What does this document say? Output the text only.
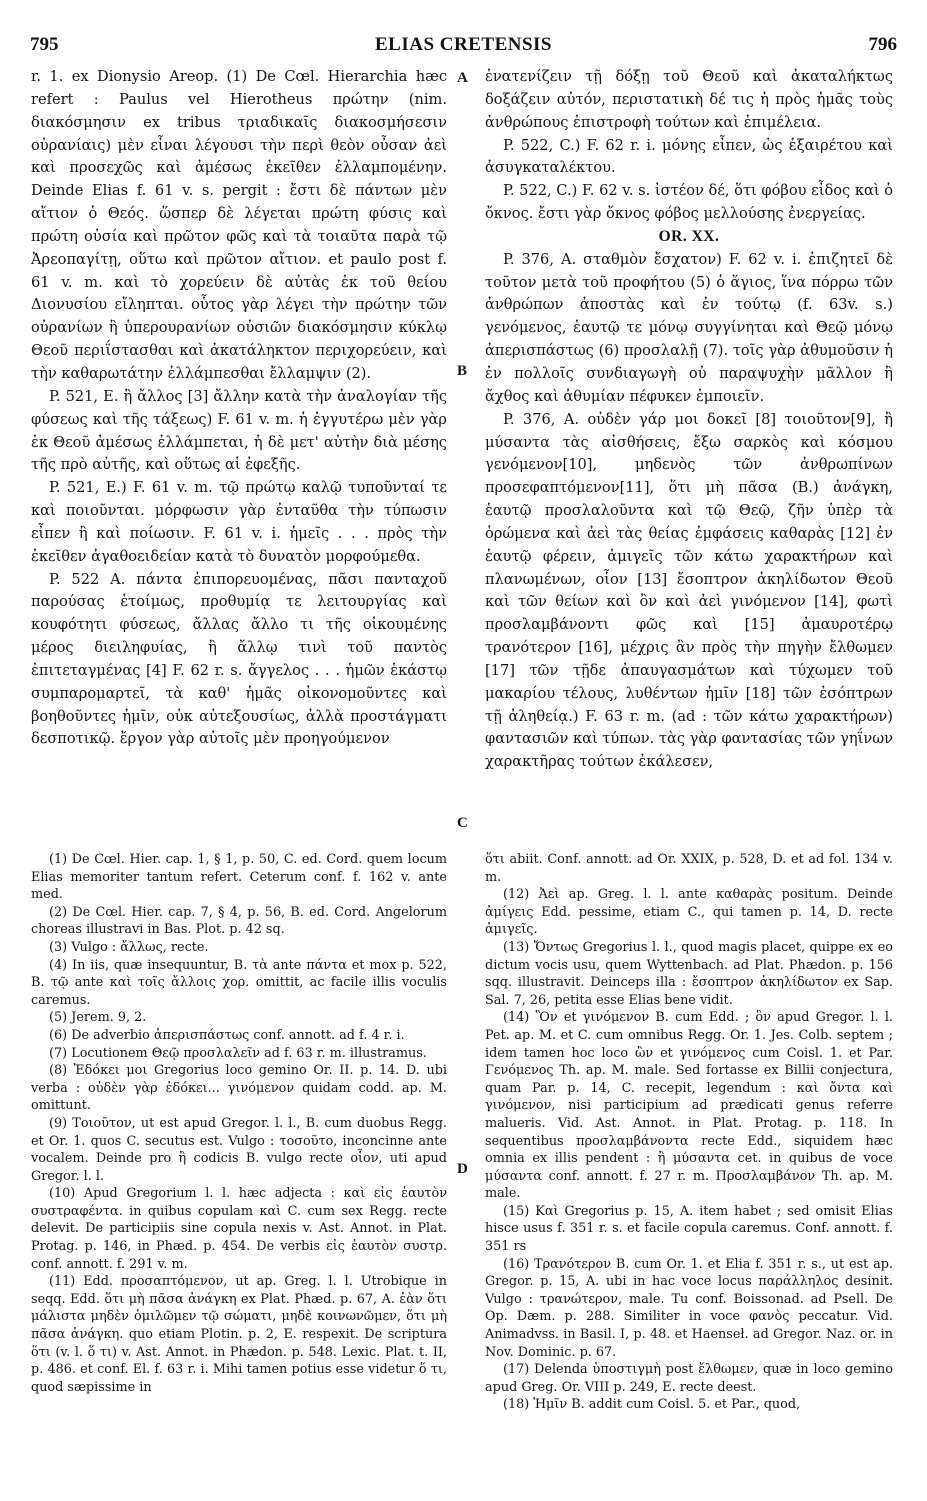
795	ELIAS CRETENSIS	796
A
B
C
D

r. 1. ex Dionysio Areop. (1) De Cœl. Hierarchia hæc refert : Paulus vel Hierotheus πρώτην (nim. διακόσμησιν ex tribus τριαδικαῖς διακοσμήσεσιν οὐρανίαις) μὲν εἶναι λέγουσι τὴν περὶ θεὸν οὖσαν ἀεὶ καὶ προσεχῶς καὶ ἀμέσως ἐκεῖθεν ἐλλαμπομένην. Deinde Elias f. 61 v. s. pergit : ἔστι δὲ πάντων μὲν αἴτιον ὁ Θεός. ὥσπερ δὲ λέγεται πρώτη φύσις καὶ πρώτη οὐσία καὶ πρῶτον φῶς καὶ τὰ τοιαῦτα παρὰ τῷ Ἀρεοπαγίτῃ, οὕτω καὶ πρῶτον αἴτιον. et paulo post f. 61 v. m. καὶ τὸ χορεύειν δὲ αὐτὰς ἐκ τοῦ θείου Διονυσίου εἴληπται. οὗτος γὰρ λέγει τὴν πρώτην τῶν οὐρανίων ἢ ὑπερουρανίων οὐσιῶν διακόσμησιν κύκλῳ Θεοῦ περιΐστασθαι καὶ ἀκατάληκτον περιχορεύειν, καὶ τὴν καθαρωτάτην ἐλλάμπεσθαι ἔλλαμψιν (2).

P. 521, E. ἢ ἄλλος [3] ἄλλην κατὰ τὴν ἀναλογίαν τῆς φύσεως καὶ τῆς τάξεως) F. 61 v. m. ἡ ἐγγυτέρω μὲν γὰρ ἐκ Θεοῦ ἀμέσως ἐλλάμπεται, ἡ δὲ μετ' αὐτὴν διὰ μέσης τῆς πρὸ αὐτῆς, καὶ οὕτως αἱ ἐφεξῆς.

P. 521, E.) F. 61 v. m. τῷ πρώτῳ καλῷ τυποῦνταί τε καὶ ποιοῦνται. μόρφωσιν γὰρ ἐνταῦθα τὴν τύπωσιν εἶπεν ἢ καὶ ποίωσιν. F. 61 v. i. ἡμεῖς . . . πρὸς τὴν ἐκεῖθεν ἀγαθοειδείαν κατὰ τὸ δυνατὸν μορφούμεθα.

P. 522 A. πάντα ἐπιπορευομένας, πᾶσι πανταχοῦ παρούσας ἑτοίμως, προθυμίᾳ τε λειτουργίας καὶ κουφότητι φύσεως, ἄλλας ἄλλο τι τῆς οἰκουμένης μέρος διειληφυίας, ἢ ἄλλῳ τινὶ τοῦ παντὸς ἐπιτεταγμένας [4] F. 62 r. s. ἄγγελος . . . ἡμῶν ἑκάστῳ συμπαρομαρτεῖ, τὰ καθ' ἡμᾶς οἰκονομοῦντες καὶ βοηθοῦντες ἡμῖν, οὐκ αὐτεξουσίως, ἀλλὰ προστάγματι δεσποτικῷ. ἔργον γὰρ αὐτοῖς μὲν προηγούμενον

ἐνατενίζειν τῇ δόξῃ τοῦ Θεοῦ καὶ ἀκαταλήκτως δοξάζειν αὐτόν, περιστατικὴ δέ τις ἡ πρὸς ἡμᾶς τοὺς ἀνθρώπους ἐπιστροφὴ τούτων καὶ ἐπιμέλεια.

P. 522, C.) F. 62 r. i. μόνης εἶπεν, ὡς ἐξαιρέτου καὶ ἀσυγκαταλέκτου.

P. 522, C.) F. 62 v. s. ἰστέον δέ, ὅτι φόβου εἶδος καὶ ὁ ὄκνος. ἔστι γὰρ ὄκνος φόβος μελλούσης ἐνεργείας.

OR. XX.

P. 376, A. σταθμὸν ἔσχατον) F. 62 v. i. ἐπιζητεῖ δὲ τοῦτον μετὰ τοῦ προφήτου (5) ὁ ἅγιος, ἵνα πόρρω τῶν ἀνθρώπων ἀποστὰς καὶ ἐν τούτῳ (f. 63v. s.) γενόμενος, ἑαυτῷ τε μόνῳ συγγίνηται καὶ Θεῷ μόνῳ ἀπερισπάστως (6) προσλαλῇ (7). τοῖς γὰρ ἀθυμοῦσιν ἡ ἐν πολλοῖς συνδιαγωγὴ οὐ παραψυχὴν μᾶλλον ἢ ἄχθος καὶ ἀθυμίαν πέφυκεν ἐμποιεῖν.

P. 376, A. οὐδὲν γάρ μοι δοκεῖ [8] τοιοῦτον[9], ἢ μύσαντα τὰς αἰσθήσεις, ἔξω σαρκὸς καὶ κόσμου γενόμενον[10], μηδενὸς τῶν ἀνθρωπίνων προσεφαπτόμενον[11], ὅτι μὴ πᾶσα (B.) ἀνάγκη, ἑαυτῷ προσλαλοῦντα καὶ τῷ Θεῷ, ζῆν ὑπὲρ τὰ ὁρώμενα καὶ ἀεὶ τὰς θείας ἐμφάσεις καθαρὰς [12] ἐν ἑαυτῷ φέρειν, ἀμιγεῖς τῶν κάτω χαρακτήρων καὶ πλανωμένων, οἷον [13] ἔσοπτρον ἀκηλίδωτον Θεοῦ καὶ τῶν θείων καὶ ὂν καὶ ἀεὶ γινόμενον [14], φωτὶ προσλαμβάνοντι φῶς καὶ [15] ἀμαυροτέρῳ τρανότερον [16], μέχρις ἂν πρὸς τὴν πηγὴν ἔλθωμεν [17] τῶν τῇδε ἀπαυγασμάτων καὶ τύχωμεν τοῦ μακαρίου τέλους, λυθέντων ἡμῖν [18] τῶν ἐσόπτρων τῇ ἀληθείᾳ.) F. 63 r. m. (ad : τῶν κάτω χαρακτήρων) φαντασιῶν καὶ τύπων. τὰς γὰρ φαντασίας τῶν γηΐνων χαρακτῆρας τούτων ἐκάλεσεν,

(1) De Cœl. Hier. cap. 1, § 1, p. 50, C. ed. Cord. quem locum Elias memoriter tantum refert. Ceterum conf. f. 162 v. ante med.

(2) De Cœl. Hier. cap. 7, § 4, p. 56, B. ed. Cord. Angelorum choreas illustravi in Bas. Plot. p. 42 sq.

(3) Vulgo : ἄλλως, recte.

(4) In iis, quæ insequuntur, B. τὰ ante πάντα et mox p. 522, B. τῷ ante καὶ τοῖς ἄλλοις χορ. omittit, ac facile illis voculis caremus.

(5) Jerem. 9, 2.

(6) De adverbio ἀπερισπάστως conf. annott. ad f. 4 r. i.

(7) Locutionem Θεῷ προσλαλεῖν ad f. 63 r. m. illustramus.

(8) Ἐδόκει μοι Gregorius loco gemino Or. II. p. 14. D. ubi verba : οὐδὲν γὰρ ἐδόκει... γινόμενον quidam codd. ap. M. omittunt.

(9) Τοιοῦτον, ut est apud Gregor. l. l., B. cum duobus Regg. et Or. 1. quos C. secutus est. Vulgo : τοσοῦτο, inconcinne ante vocalem. Deinde pro ἢ codicis B. vulgo recte οἷον, uti apud Gregor. l. l.

(10) Apud Gregorium l. l. hæc adjecta : καὶ εἰς ἑαυτὸν συστραφέντα. in quibus copulam καὶ C. cum sex Regg. recte delevit. De participiis sine copula nexis v. Ast. Annot. in Plat. Protag. p. 146, in Phæd. p. 454. De verbis εἰς ἑαυτὸν συστρ. conf. annott. f. 291 v. m.

(11) Edd. προσαπτόμενον, ut ap. Greg. l. l. Utrobique in seqq. Edd. ὅτι μὴ πᾶσα ἀνάγκη ex Plat. Phæd. p. 67, A. ἐὰν ὅτι μάλιστα μηδὲν ὁμιλῶμεν τῷ σώματι, μηδὲ κοινωνῶμεν, ὅτι μὴ πᾶσα ἀνάγκη. quo etiam Plotin. p. 2, E. respexit. De scriptura ὅτι (v. l. ὅ τι) v. Ast. Annot. in Phædon. p. 548. Lexic. Plat. t. II, p. 486. et conf. El. f. 63 r. i. Mihi tamen potius esse videtur ὅ τι, quod sæpissime in

ὅτι abiit. Conf. annott. ad Or. XXIX, p. 528, D. et ad fol. 134 v. m.

(12) Ἀεὶ ap. Greg. l. l. ante καθαρὰς positum. Deinde ἀμίγεις Edd. pessime, etiam C., qui tamen p. 14, D. recte ἀμιγεῖς.

(13) Ὄντως Gregorius l. l., quod magis placet, quippe ex eo dictum vocis usu, quem Wyttenbach. ad Plat. Phædon. p. 156 sqq. illustravit. Deinceps illa : ἔσοπτρον ἀκηλίδωτον ex Sap. Sal. 7, 26, petita esse Elias bene vidit.

(14) Ὂν et γινόμενον B. cum Edd. ; ὃν apud Gregor. l. l. Pet. ap. M. et C. cum omnibus Regg. Or. 1. Jes. Colb. septem ; idem tamen hoc loco ὢν et γινόμενος cum Coisl. 1. et Par. Γενόμενος Th. ap. M. male. Sed fortasse ex Billii conjectura, quam Par. p. 14, C. recepit, legendum : καὶ ὄντα καὶ γινόμενον, nisi participium ad prædicati genus referre malueris. Vid. Ast. Annot. in Plat. Protag. p. 118. In sequentibus προσλαμβάνοντα recte Edd., siquidem hæc omnia ex illis pendent : ἢ μύσαντα cet. in quibus de voce μύσαντα conf. annott. f. 27 r. m. Προσλαμβάνον Th. ap. M. male.

(15) Καὶ Gregorius p. 15, A. item habet ; sed omisit Elias hisce usus f. 351 r. s. et facile copula caremus. Conf. annott. f. 351 rs

(16) Τρανότερον B. cum Or. 1. et Elia f. 351 r. s., ut est ap. Gregor. p. 15, A. ubi in hac voce locus παράλληλος desinit. Vulgo : τρανώτερον, male. Tu conf. Boissonad. ad Psell. De Op. Dæm. p. 288. Similiter in voce φανὸς peccatur. Vid. Animadvss. in Basil. I, p. 48. et Haenseł. ad Gregor. Naz. or. in Nov. Dominic. p. 67.

(17) Delenda ὑποστιγμὴ post ἔλθωμεν, quæ in loco gemino apud Greg. Or. VIII p. 249, E. recte deest.

(18) Ἡμῖν B. addit cum Coisl. 5. et Par., quod,
